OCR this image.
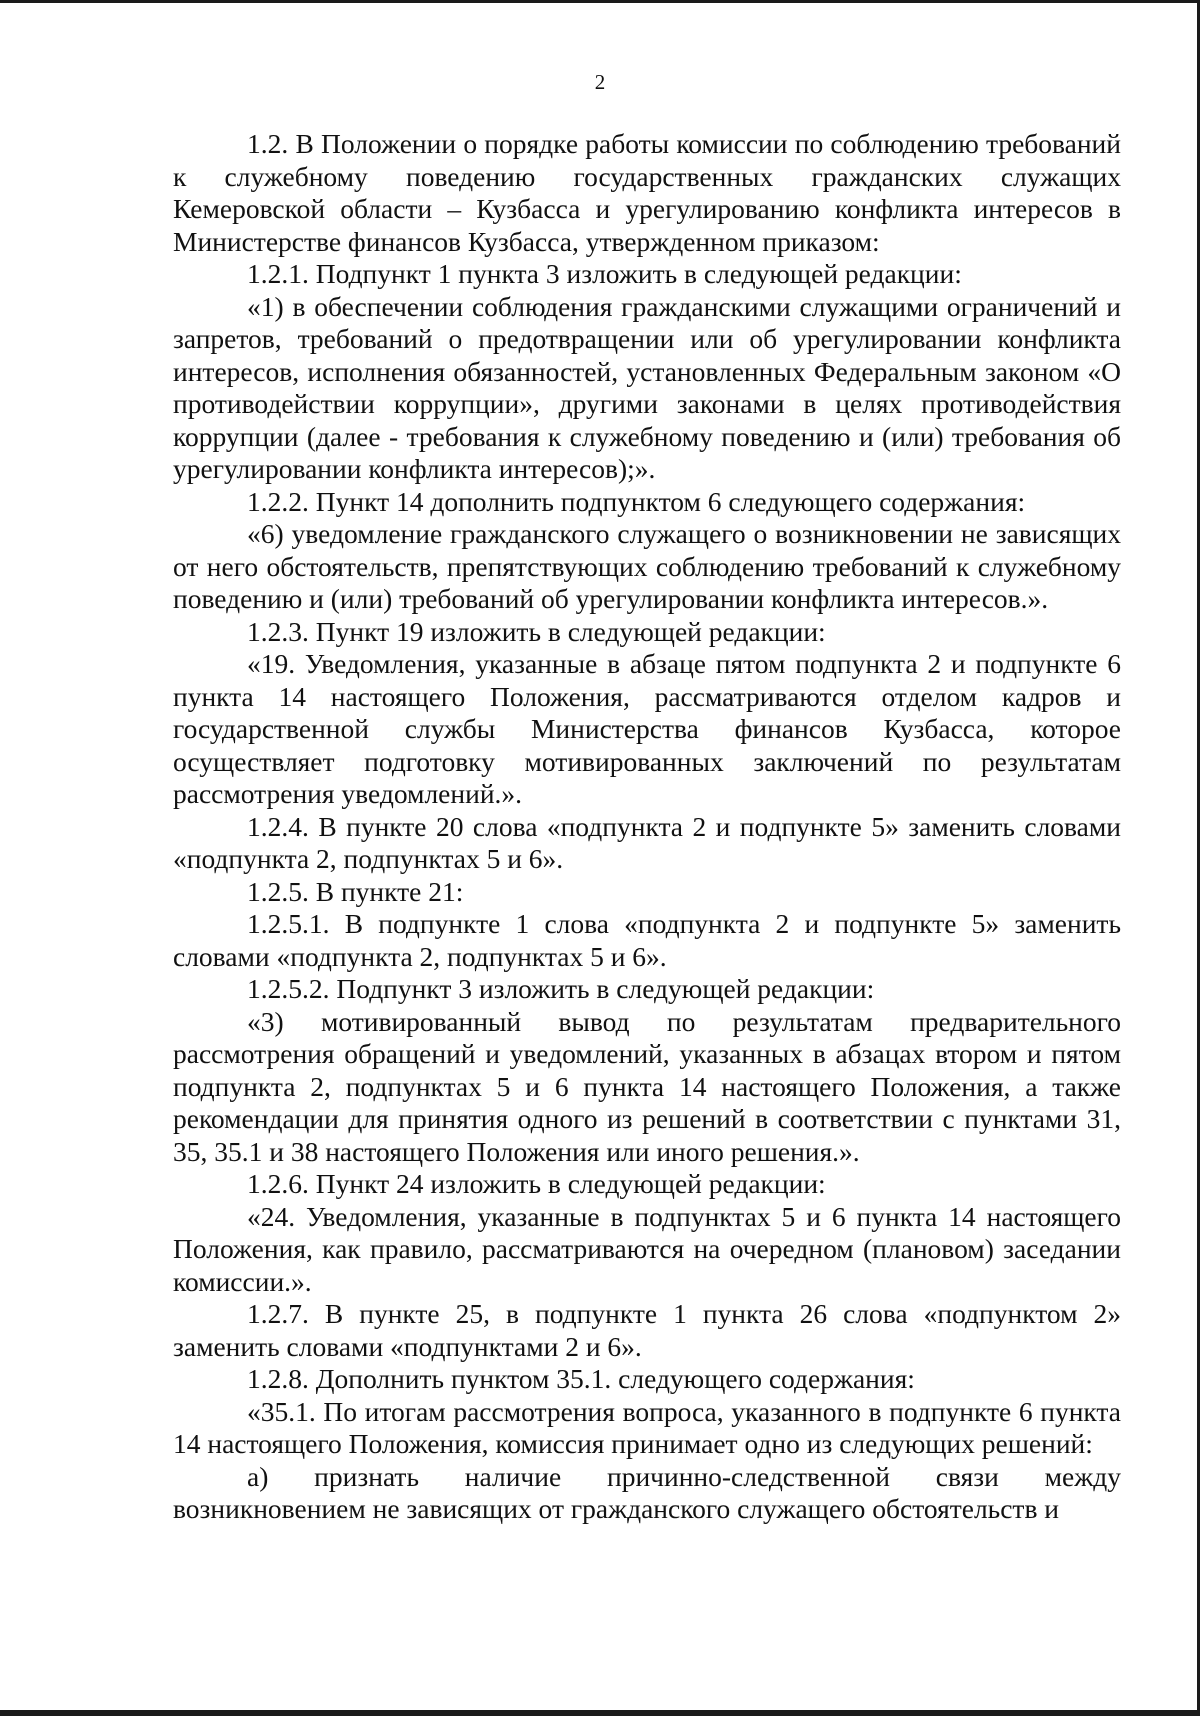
2

1.2. В Положении о порядке работы комиссии по соблюдению требований к служебному поведению государственных гражданских служащих Кемеровской области – Кузбасса и урегулированию конфликта интересов в Министерстве финансов Кузбасса, утвержденном приказом:

1.2.1. Подпункт 1 пункта 3 изложить в следующей редакции:

«1) в обеспечении соблюдения гражданскими служащими ограничений и запретов, требований о предотвращении или об урегулировании конфликта интересов, исполнения обязанностей, установленных Федеральным законом «О противодействии коррупции», другими законами в целях противодействия коррупции (далее - требования к служебному поведению и (или) требования об урегулировании конфликта интересов);».

1.2.2. Пункт 14 дополнить подпунктом 6 следующего содержания:

«6) уведомление гражданского служащего о возникновении не зависящих от него обстоятельств, препятствующих соблюдению требований к служебному поведению и (или) требований об урегулировании конфликта интересов.».

1.2.3. Пункт 19 изложить в следующей редакции:

«19. Уведомления, указанные в абзаце пятом подпункта 2 и подпункте 6 пункта 14 настоящего Положения, рассматриваются отделом кадров и государственной службы Министерства финансов Кузбасса, которое осуществляет подготовку мотивированных заключений по результатам рассмотрения уведомлений.».

1.2.4. В пункте 20 слова «подпункта 2 и подпункте 5» заменить словами «подпункта 2, подпунктах 5 и 6».

1.2.5. В пункте 21:

1.2.5.1. В подпункте 1 слова «подпункта 2 и подпункте 5» заменить словами «подпункта 2, подпунктах 5 и 6».

1.2.5.2. Подпункт 3 изложить в следующей редакции:

«3) мотивированный вывод по результатам предварительного рассмотрения обращений и уведомлений, указанных в абзацах втором и пятом подпункта 2, подпунктах 5 и 6 пункта 14 настоящего Положения, а также рекомендации для принятия одного из решений в соответствии с пунктами 31, 35, 35.1 и 38 настоящего Положения или иного решения.».

1.2.6. Пункт 24 изложить в следующей редакции:

«24. Уведомления, указанные в подпунктах 5 и 6 пункта 14 настоящего Положения, как правило, рассматриваются на очередном (плановом) заседании комиссии.».

1.2.7. В пункте 25, в подпункте 1 пункта 26 слова «подпунктом 2» заменить словами «подпунктами 2 и 6».

1.2.8. Дополнить пунктом 35.1. следующего содержания:

«35.1. По итогам рассмотрения вопроса, указанного в подпункте 6 пункта 14 настоящего Положения, комиссия принимает одно из следующих решений:

а) признать наличие причинно-следственной связи между возникновением не зависящих от гражданского служащего обстоятельств и
